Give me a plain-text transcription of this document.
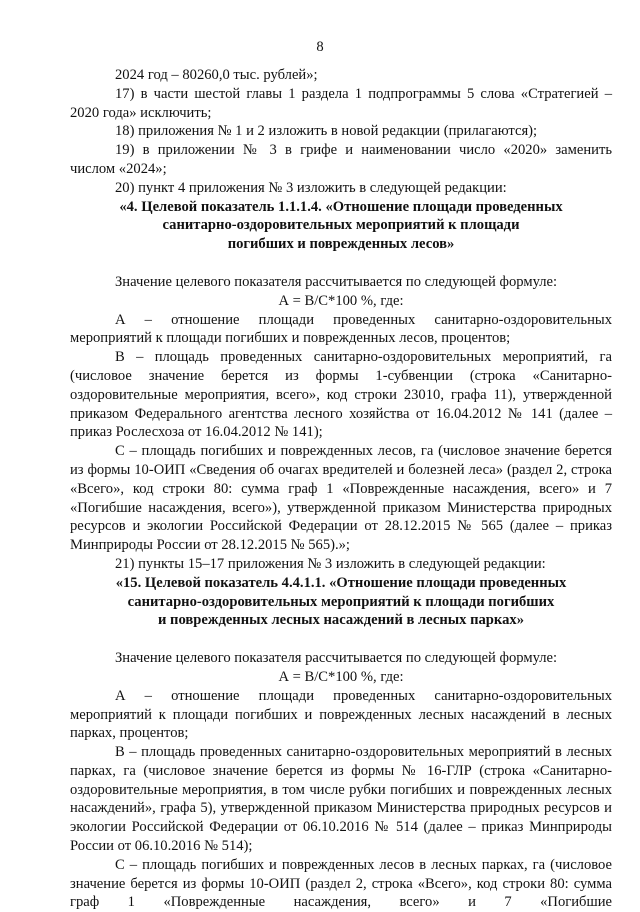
8

2024 год – 80260,0 тыс. рублей»;

17) в части шестой главы 1 раздела 1 подпрограммы 5 слова «Стратегией –

2020 года» исключить;

18) приложения № 1 и 2 изложить в новой редакции (прилагаются);

19) в приложении № 3 в грифе и наименовании число «2020» заменить

числом «2024»;

20) пункт 4 приложения № 3 изложить в следующей редакции:

«4. Целевой показатель 1.1.1.4. «Отношение площади проведенных

санитарно-оздоровительных мероприятий к площади

погибших и поврежденных лесов»

Значение целевого показателя рассчитывается по следующей формуле:

А = В/С*100 %, где:

А – отношение площади проведенных санитарно-оздоровительных мероприятий к площади погибших и поврежденных лесов, процентов;

В – площадь проведенных санитарно-оздоровительных мероприятий, га (числовое значение берется из формы 1-субвенции (строка «Санитарно-оздоровительные мероприятия, всего», код строки 23010, графа 11), утвержденной приказом Федерального агентства лесного хозяйства от 16.04.2012 № 141 (далее – приказ Рослесхоза от 16.04.2012 № 141);

С – площадь погибших и поврежденных лесов, га (числовое значение берется из формы 10-ОИП «Сведения об очагах вредителей и болезней леса» (раздел 2, строка «Всего», код строки 80: сумма граф 1 «Поврежденные насаждения, всего» и 7 «Погибшие насаждения, всего»), утвержденной приказом Министерства природных ресурсов и экологии Российской Федерации от 28.12.2015 № 565 (далее – приказ Минприроды России от 28.12.2015 № 565).»;

21) пункты 15–17 приложения № 3 изложить в следующей редакции:

«15. Целевой показатель 4.4.1.1. «Отношение площади проведенных

санитарно-оздоровительных мероприятий к площади погибших

и поврежденных лесных насаждений в лесных парках»

Значение целевого показателя рассчитывается по следующей формуле:

А = В/С*100 %, где:

А – отношение площади проведенных санитарно-оздоровительных мероприятий к площади погибших и поврежденных лесных насаждений в лесных парках, процентов;

В – площадь проведенных санитарно-оздоровительных мероприятий в лесных парках, га (числовое значение берется из формы № 16-ГЛР (строка «Санитарно-оздоровительные мероприятия, в том числе рубки погибших и поврежденных лесных насаждений», графа 5), утвержденной приказом Министерства природных ресурсов и экологии Российской Федерации от 06.10.2016 № 514 (далее – приказ Минприроды России от 06.10.2016 № 514);

С – площадь погибших и поврежденных лесов в лесных парках, га (числовое значение берется из формы 10-ОИП (раздел 2, строка «Всего», код строки 80: сумма граф 1 «Поврежденные насаждения, всего» и 7 «Погибшие
